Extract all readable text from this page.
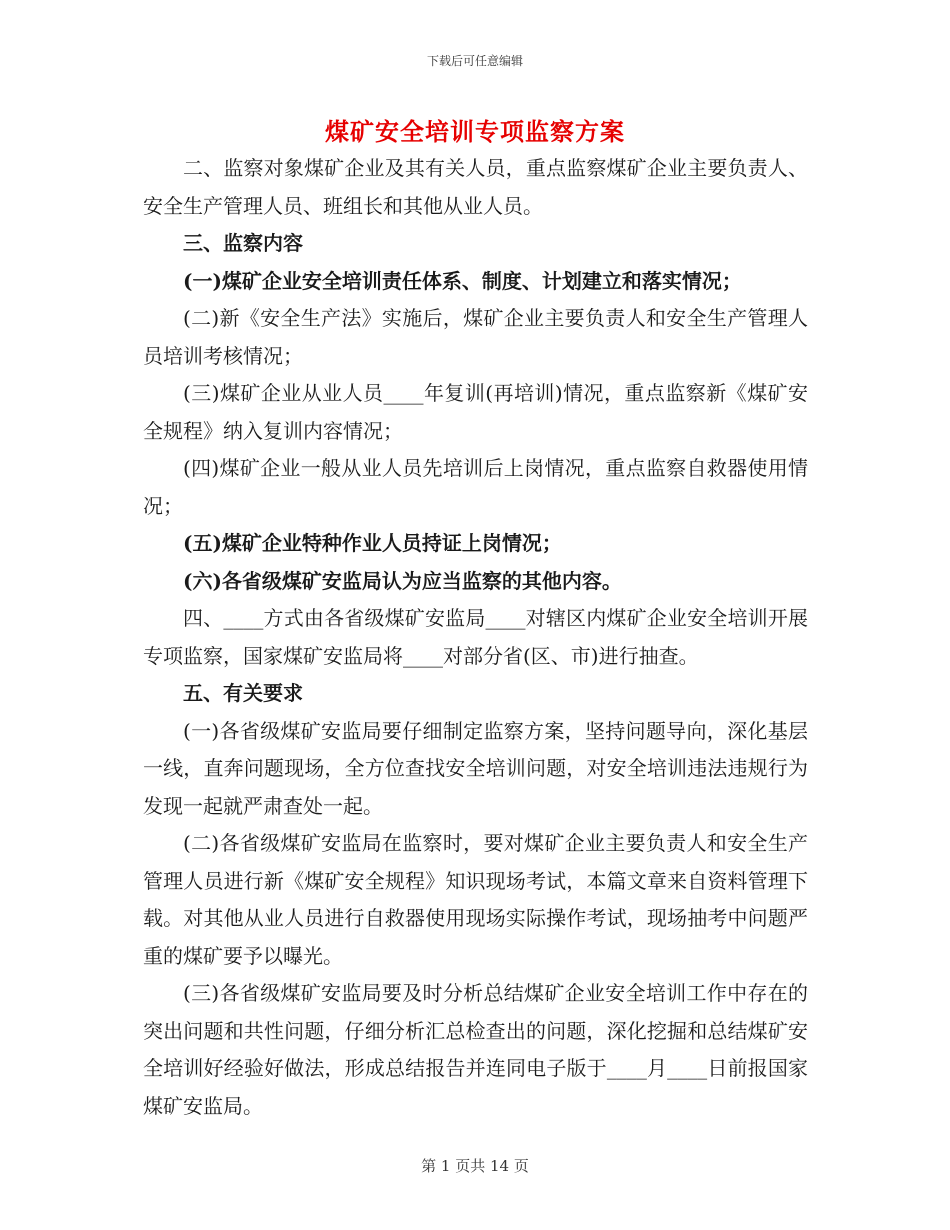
下载后可任意编辑
煤矿安全培训专项监察方案

二、监察对象煤矿企业及其有关人员，重点监察煤矿企业主要负责人、安全生产管理人员、班组长和其他从业人员。

三、监察内容

(一)煤矿企业安全培训责任体系、制度、计划建立和落实情况；

(二)新《安全生产法》实施后，煤矿企业主要负责人和安全生产管理人员培训考核情况；

(三)煤矿企业从业人员____年复训(再培训)情况，重点监察新《煤矿安全规程》纳入复训内容情况；

(四)煤矿企业一般从业人员先培训后上岗情况，重点监察自救器使用情况；

(五)煤矿企业特种作业人员持证上岗情况；

(六)各省级煤矿安监局认为应当监察的其他内容。

四、____方式由各省级煤矿安监局____对辖区内煤矿企业安全培训开展专项监察，国家煤矿安监局将____对部分省(区、市)进行抽查。

五、有关要求

(一)各省级煤矿安监局要仔细制定监察方案，坚持问题导向，深化基层一线，直奔问题现场，全方位查找安全培训问题，对安全培训违法违规行为发现一起就严肃查处一起。

(二)各省级煤矿安监局在监察时，要对煤矿企业主要负责人和安全生产管理人员进行新《煤矿安全规程》知识现场考试，本篇文章来自资料管理下载。对其他从业人员进行自救器使用现场实际操作考试，现场抽考中问题严重的煤矿要予以曝光。

(三)各省级煤矿安监局要及时分析总结煤矿企业安全培训工作中存在的突出问题和共性问题，仔细分析汇总检查出的问题，深化挖掘和总结煤矿安全培训好经验好做法，形成总结报告并连同电子版于____月____日前报国家煤矿安监局。

第 1 页共 14 页
